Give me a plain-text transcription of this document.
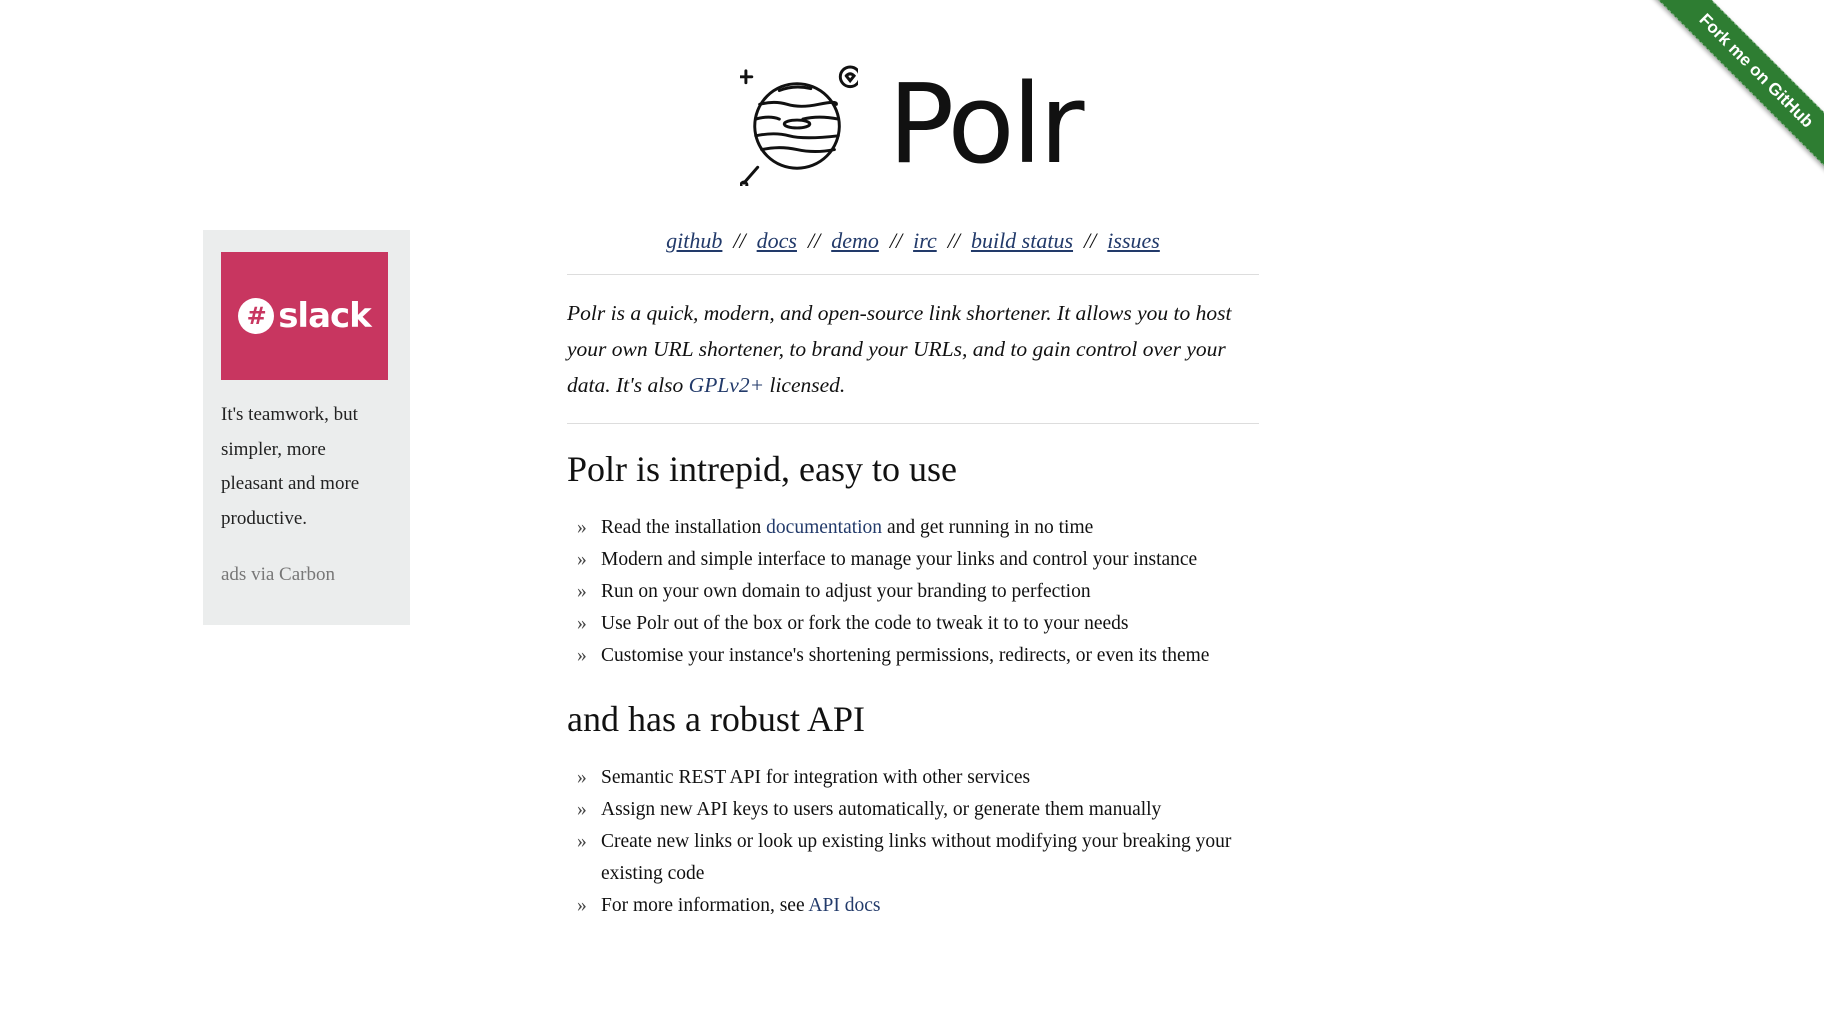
Polr	Fork me on GitHub
# slack
It's teamwork, but simpler, more pleasant and more productive.
ads via Carbon
github // docs // demo // irc // build status // issues

Polr is a quick, modern, and open-source link shortener. It allows you to host your own URL shortener, to brand your URLs, and to gain control over your data. It's also GPLv2+ licensed.

Polr is intrepid, easy to use
» Read the installation documentation and get running in no time
» Modern and simple interface to manage your links and control your instance
» Run on your own domain to adjust your branding to perfection
» Use Polr out of the box or fork the code to tweak it to to your needs
» Customise your instance's shortening permissions, redirects, or even its theme
and has a robust API
» Semantic REST API for integration with other services
» Assign new API keys to users automatically, or generate them manually
» Create new links or look up existing links without modifying your breaking your existing code
» For more information, see API docs
